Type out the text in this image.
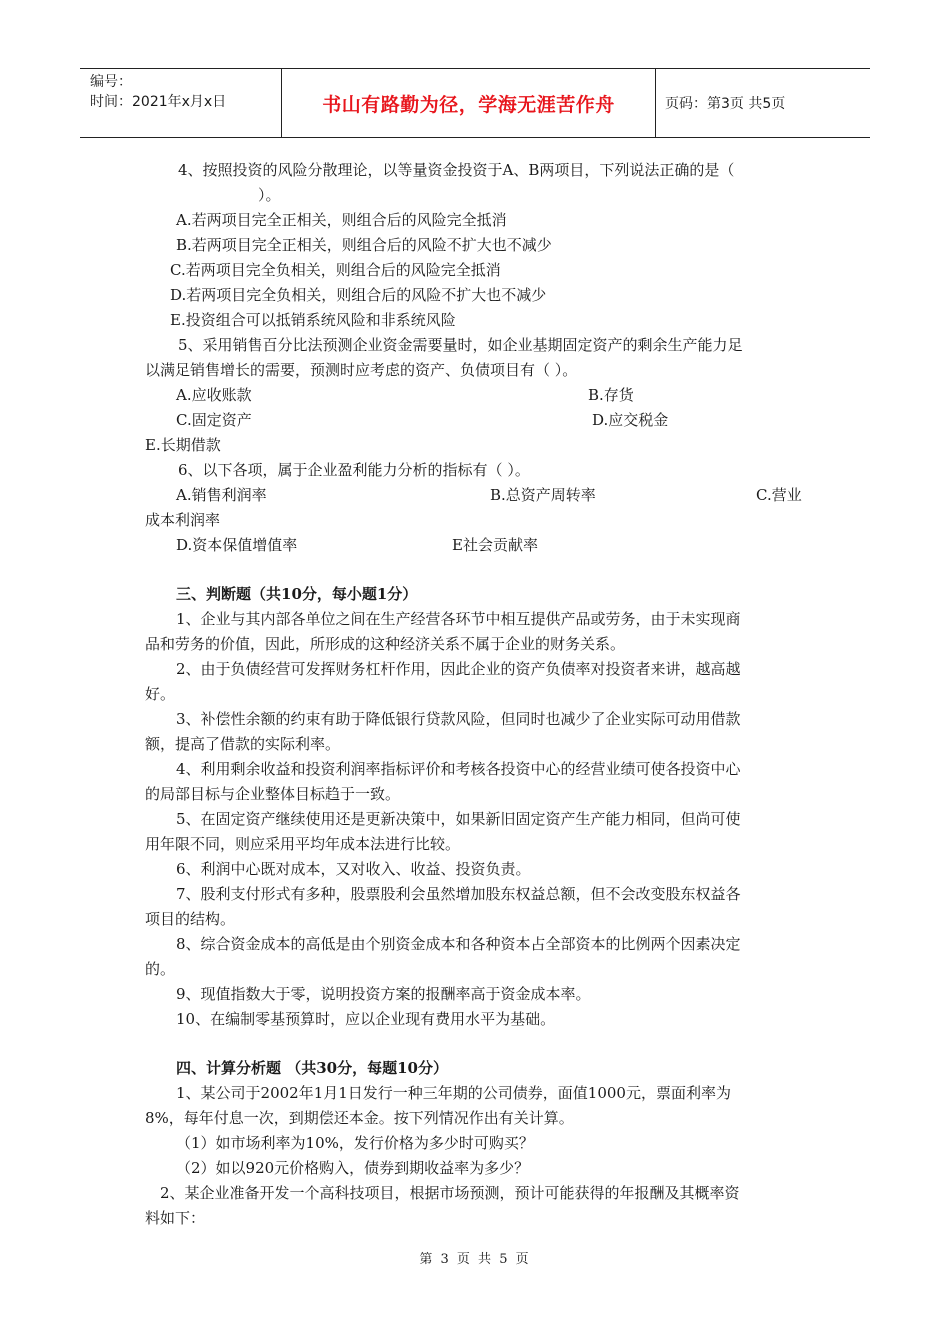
编号：
时间：2021年x月x日	书山有路勤为径，学海无涯苦作舟	页码：第3页 共5页
4、按照投资的风险分散理论，以等量资金投资于A、B两项目，下列说法正确的是（
）。
A.若两项目完全正相关，则组合后的风险完全抵消
B.若两项目完全正相关，则组合后的风险不扩大也不减少
C.若两项目完全负相关，则组合后的风险完全抵消
D.若两项目完全负相关，则组合后的风险不扩大也不减少
E.投资组合可以抵销系统风险和非系统风险
5、采用销售百分比法预测企业资金需要量时，如企业基期固定资产的剩余生产能力足
以满足销售增长的需要，预测时应考虑的资产、负债项目有（ ）。
A.应收账款	B.存货
C.固定资产	D.应交税金
E.长期借款
6、以下各项，属于企业盈利能力分析的指标有（ ）。
A.销售利润率	B.总资产周转率	C.营业
成本利润率
D.资本保值增值率	E社会贡献率
三、判断题（共10分，每小题1分）
1、企业与其内部各单位之间在生产经营各环节中相互提供产品或劳务，由于未实现商
品和劳务的价值，因此，所形成的这种经济关系不属于企业的财务关系。
2、由于负债经营可发挥财务杠杆作用，因此企业的资产负债率对投资者来讲，越高越
好。
3、补偿性余额的约束有助于降低银行贷款风险，但同时也减少了企业实际可动用借款
额，提高了借款的实际利率。
4、利用剩余收益和投资利润率指标评价和考核各投资中心的经营业绩可使各投资中心
的局部目标与企业整体目标趋于一致。
5、在固定资产继续使用还是更新决策中，如果新旧固定资产生产能力相同，但尚可使
用年限不同，则应采用平均年成本法进行比较。
6、利润中心既对成本，又对收入、收益、投资负责。
7、股利支付形式有多种，股票股利会虽然增加股东权益总额，但不会改变股东权益各
项目的结构。
8、综合资金成本的高低是由个别资金成本和各种资本占全部资本的比例两个因素决定
的。
9、现值指数大于零，说明投资方案的报酬率高于资金成本率。
10、在编制零基预算时，应以企业现有费用水平为基础。
四、计算分析题 （共30分，每题10分）
1、某公司于2002年1月1日发行一种三年期的公司债券，面值1000元，票面利率为
8%，每年付息一次，到期偿还本金。按下列情况作出有关计算。
（1）如市场利率为10%，发行价格为多少时可购买？
（2）如以920元价格购入，债券到期收益率为多少？
2、某企业准备开发一个高科技项目，根据市场预测，预计可能获得的年报酬及其概率资
料如下：
第 3 页 共 5 页
